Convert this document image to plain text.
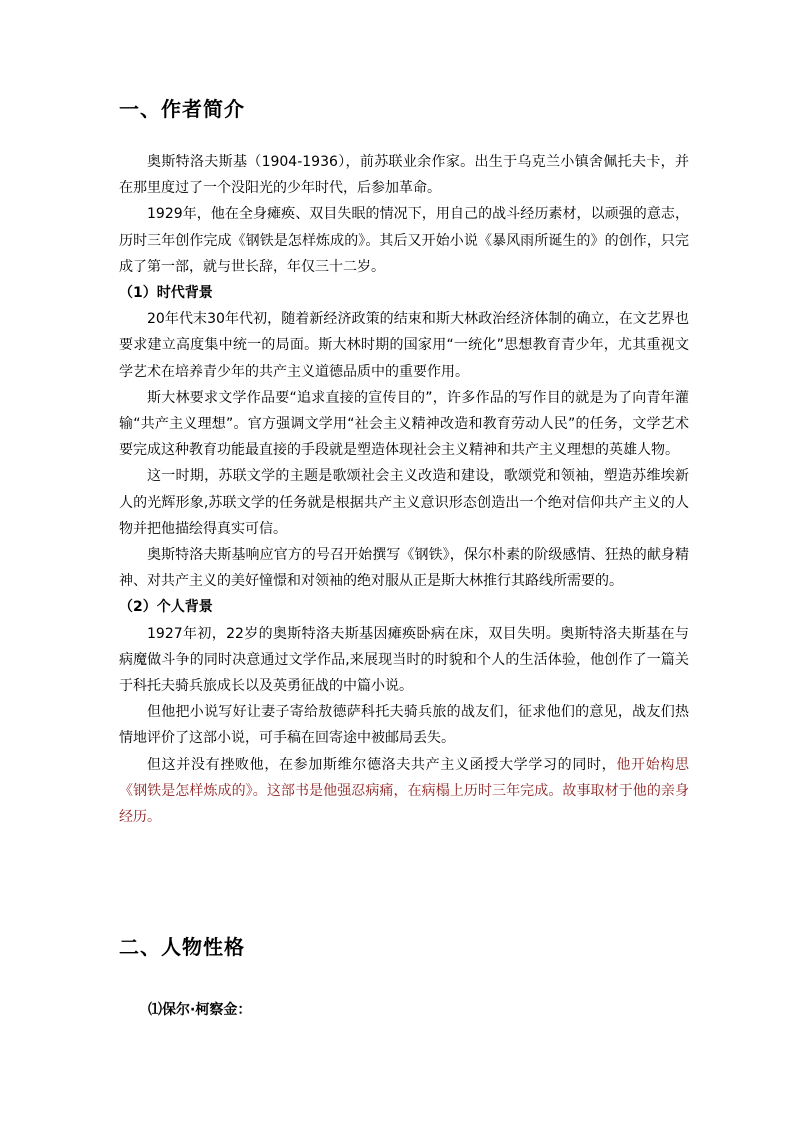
一、作者简介

奥斯特洛夫斯基（1904-1936），前苏联业余作家。出生于乌克兰小镇舍佩托夫卡，并在那里度过了一个没阳光的少年时代，后参加革命。

1929年，他在全身瘫痪、双目失眠的情况下，用自己的战斗经历素材，以顽强的意志，历时三年创作完成《钢铁是怎样炼成的》。其后又开始小说《暴风雨所诞生的》的创作，只完成了第一部，就与世长辞，年仅三十二岁。

（1）时代背景

20年代末30年代初，随着新经济政策的结束和斯大林政治经济体制的确立，在文艺界也要求建立高度集中统一的局面。斯大林时期的国家用“一统化”思想教育青少年，尤其重视文学艺术在培养青少年的共产主义道德品质中的重要作用。

斯大林要求文学作品要“追求直接的宣传目的”，许多作品的写作目的就是为了向青年灌输“共产主义理想”。官方强调文学用“社会主义精神改造和教育劳动人民”的任务，文学艺术要完成这种教育功能最直接的手段就是塑造体现社会主义精神和共产主义理想的英雄人物。

这一时期，苏联文学的主题是歌颂社会主义改造和建设，歌颂党和领袖，塑造苏维埃新人的光辉形象,苏联文学的任务就是根据共产主义意识形态创造出一个绝对信仰共产主义的人物并把他描绘得真实可信。

奥斯特洛夫斯基响应官方的号召开始撰写《钢铁》，保尔朴素的阶级感情、狂热的献身精神、对共产主义的美好憧憬和对领袖的绝对服从正是斯大林推行其路线所需要的。

（2）个人背景

1927年初，22岁的奥斯特洛夫斯基因瘫痪卧病在床，双目失明。奥斯特洛夫斯基在与病魔做斗争的同时决意通过文学作品,来展现当时的时貌和个人的生活体验，他创作了一篇关于科托夫骑兵旅成长以及英勇征战的中篇小说。

但他把小说写好让妻子寄给敖德萨科托夫骑兵旅的战友们，征求他们的意见，战友们热情地评价了这部小说，可手稿在回寄途中被邮局丢失。

但这并没有挫败他，在参加斯维尔德洛夫共产主义函授大学学习的同时，他开始构思《钢铁是怎样炼成的》。这部书是他强忍病痛，在病榻上历时三年完成。故事取材于他的亲身经历。

二、人物性格

⑴保尔·柯察金：
